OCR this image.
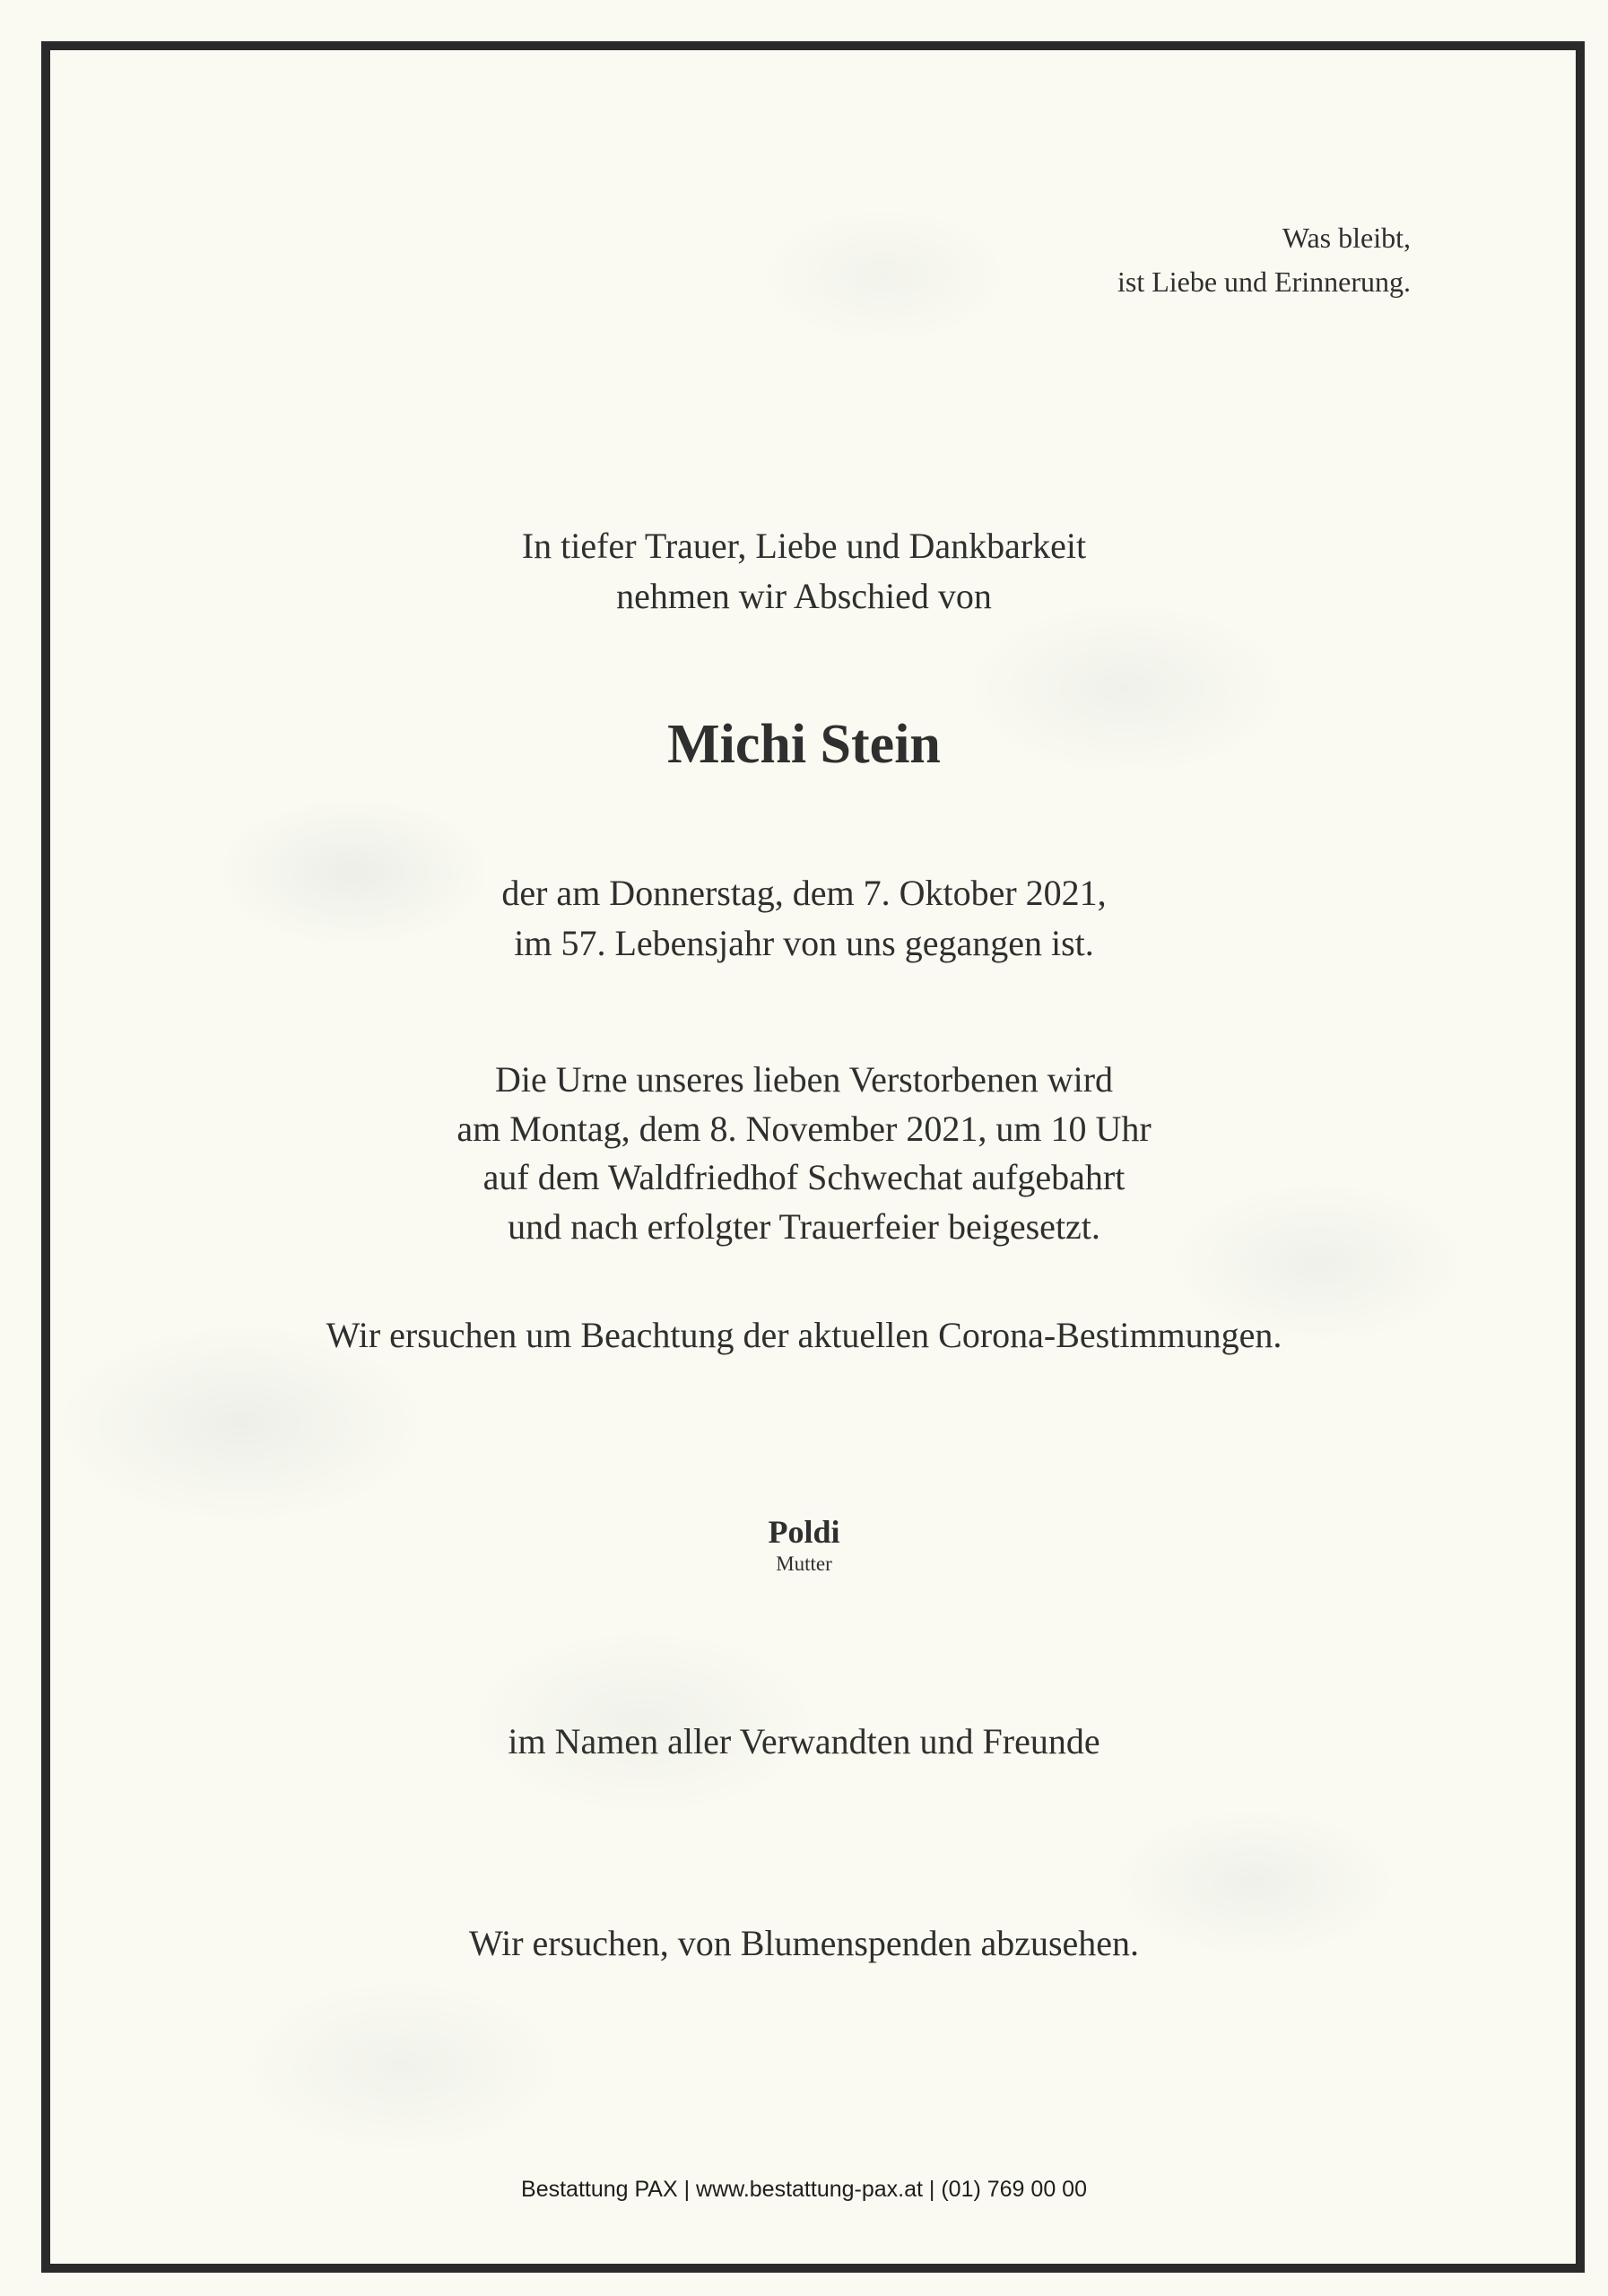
Was bleibt,
ist Liebe und Erinnerung.
In tiefer Trauer, Liebe und Dankbarkeit
nehmen wir Abschied von
Michi Stein
der am Donnerstag, dem 7. Oktober 2021,
im 57. Lebensjahr von uns gegangen ist.
Die Urne unseres lieben Verstorbenen wird
am Montag, dem 8. November 2021, um 10 Uhr
auf dem Waldfriedhof Schwechat aufgebahrt
und nach erfolgter Trauerfeier beigesetzt.
Wir ersuchen um Beachtung der aktuellen Corona-Bestimmungen.
Poldi
Mutter
im Namen aller Verwandten und Freunde
Wir ersuchen, von Blumenspenden abzusehen.
Bestattung PAX | www.bestattung-pax.at | (01) 769 00 00
